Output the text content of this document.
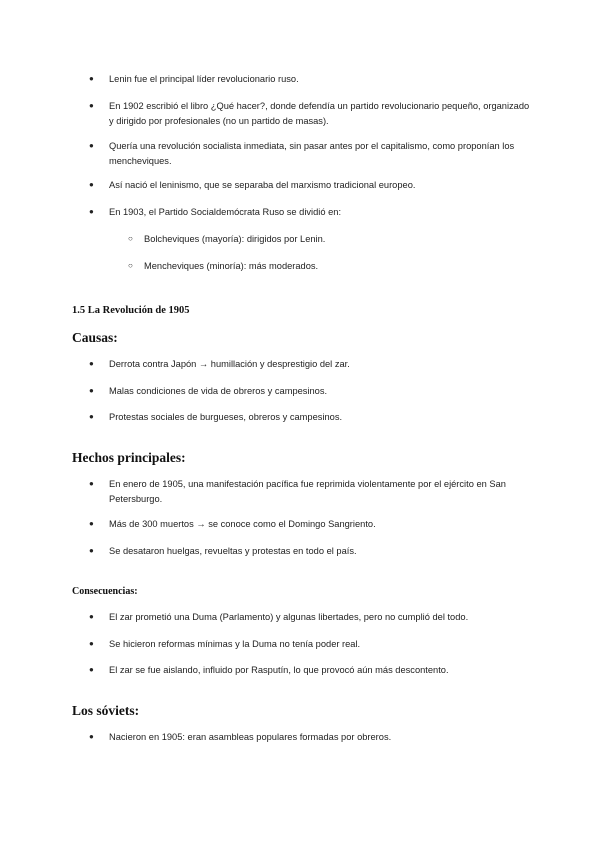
● Lenin fue el principal líder revolucionario ruso.
● En 1902 escribió el libro ¿Qué hacer?, donde defendía un partido revolucionario pequeño, organizado y dirigido por profesionales (no un partido de masas).
● Quería una revolución socialista inmediata, sin pasar antes por el capitalismo, como proponían los mencheviques.
● Así nació el leninismo, que se separaba del marxismo tradicional europeo.
● En 1903, el Partido Socialdemócrata Ruso se dividió en:
○ Bolcheviques (mayoría): dirigidos por Lenin.
○ Mencheviques (minoría): más moderados.
1.5 La Revolución de 1905
Causas:
● Derrota contra Japón → humillación y desprestigio del zar.
● Malas condiciones de vida de obreros y campesinos.
● Protestas sociales de burgueses, obreros y campesinos.
Hechos principales:
● En enero de 1905, una manifestación pacífica fue reprimida violentamente por el ejército en San Petersburgo.
● Más de 300 muertos → se conoce como el Domingo Sangriento.
● Se desataron huelgas, revueltas y protestas en todo el país.
Consecuencias:
● El zar prometió una Duma (Parlamento) y algunas libertades, pero no cumplió del todo.
● Se hicieron reformas mínimas y la Duma no tenía poder real.
● El zar se fue aislando, influido por Rasputín, lo que provocó aún más descontento.
Los sóviets:
● Nacieron en 1905: eran asambleas populares formadas por obreros.
